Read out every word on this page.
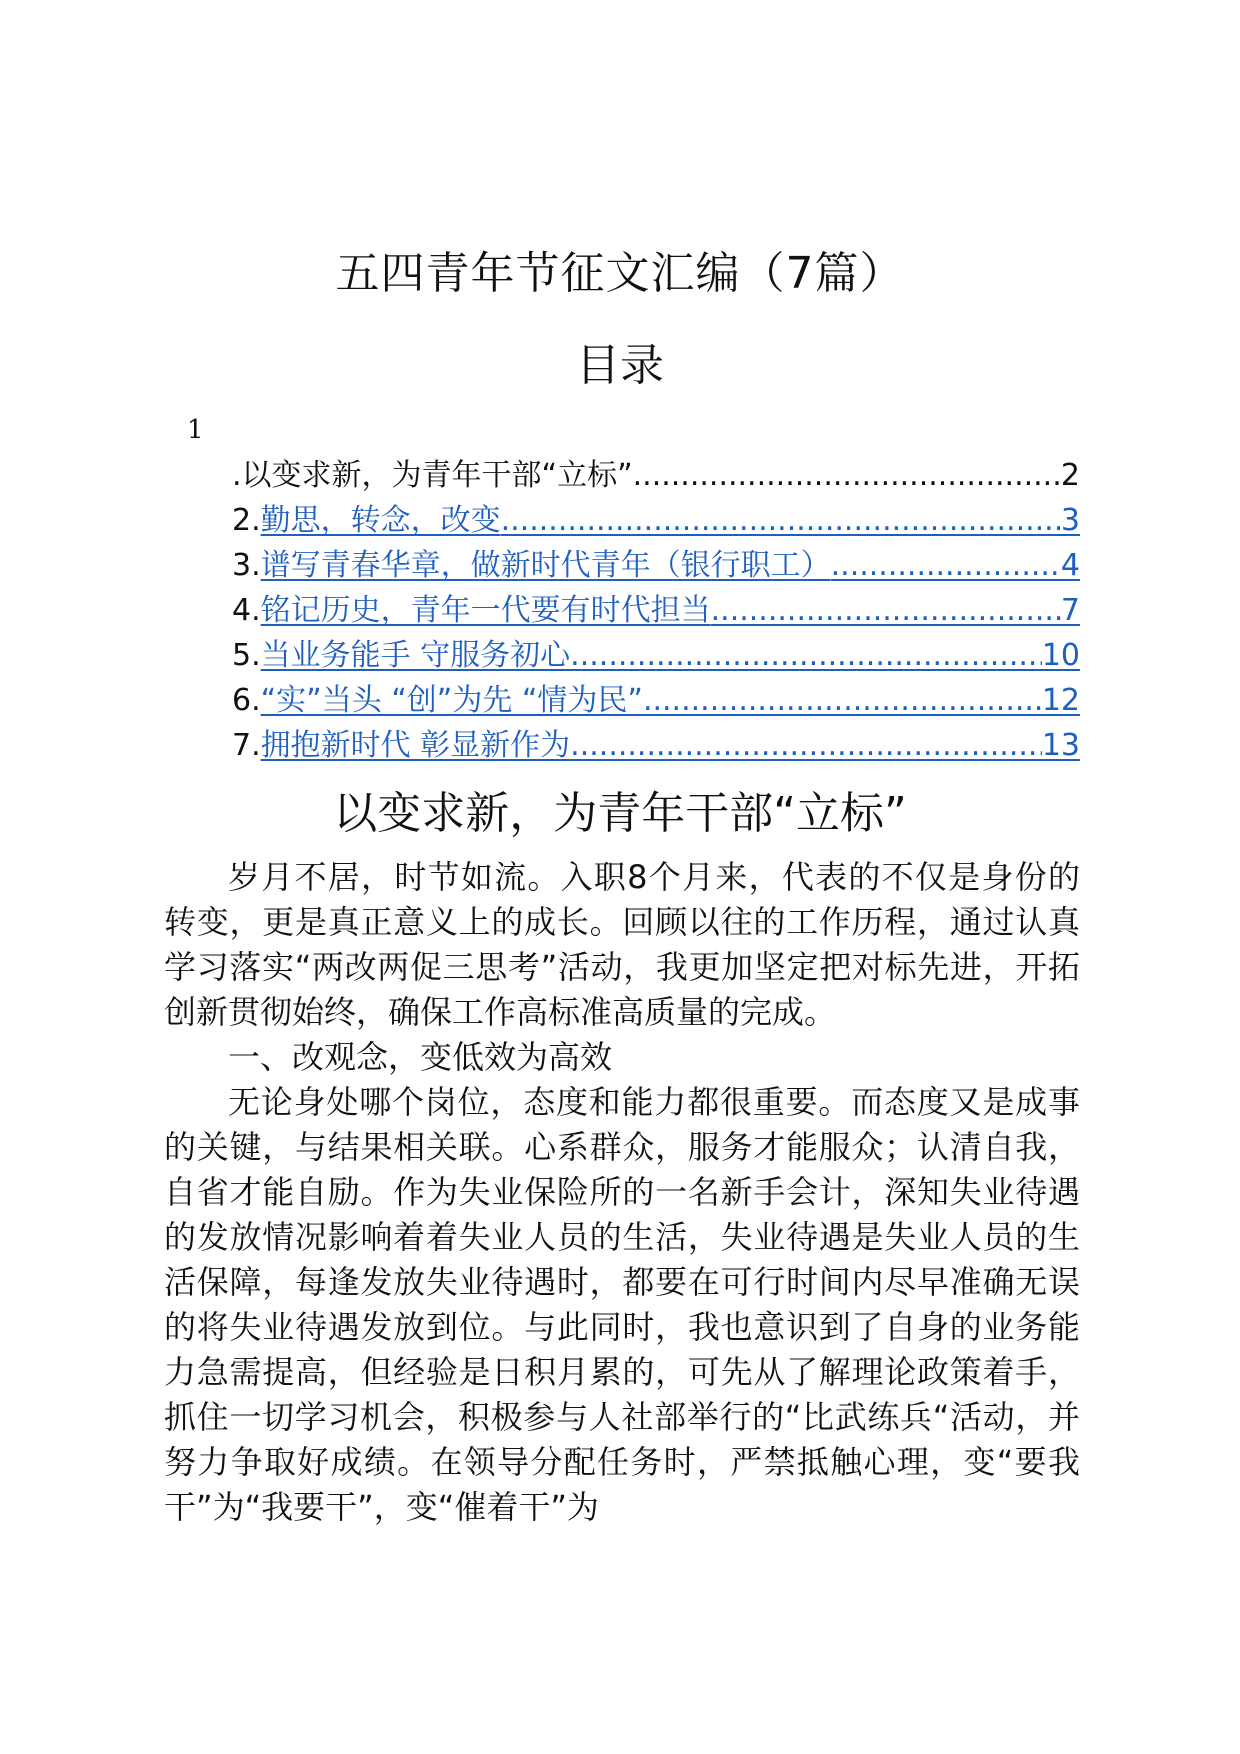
五四青年节征文汇编（7篇）
目录
1
.以变求新，为青年干部“立标” .....	2
2. 勤思，转念，改变 .....	3
3. 谱写青春华章，做新时代青年（银行职工） .....	4
4. 铭记历史，青年一代要有时代担当 .....	7
5. 当业务能手 守服务初心 .....	10
6. “实”当头 “创”为先 “情为民” .....	12
7. 拥抱新时代 彰显新作为 .....	13
以变求新，为青年干部“立标”

岁月不居，时节如流。入职8个月来，代表的不仅是身份的转变，更是真正意义上的成长。回顾以往的工作历程，通过认真学习落实“两改两促三思考”活动，我更加坚定把对标先进，开拓创新贯彻始终，确保工作高标准高质量的完成。

一、改观念，变低效为高效

无论身处哪个岗位，态度和能力都很重要。而态度又是成事的关键，与结果相关联。心系群众，服务才能服众；认清自我，自省才能自励。作为失业保险所的一名新手会计，深知失业待遇的发放情况影响着着失业人员的生活，失业待遇是失业人员的生活保障，每逢发放失业待遇时，都要在可行时间内尽早准确无误的将失业待遇发放到位。与此同时，我也意识到了自身的业务能力急需提高，但经验是日积月累的，可先从了解理论政策着手，抓住一切学习机会，积极参与人社部举行的“比武练兵“活动，并努力争取好成绩。在领导分配任务时，严禁抵触心理，变“要我干”为“我要干”，变“催着干”为
